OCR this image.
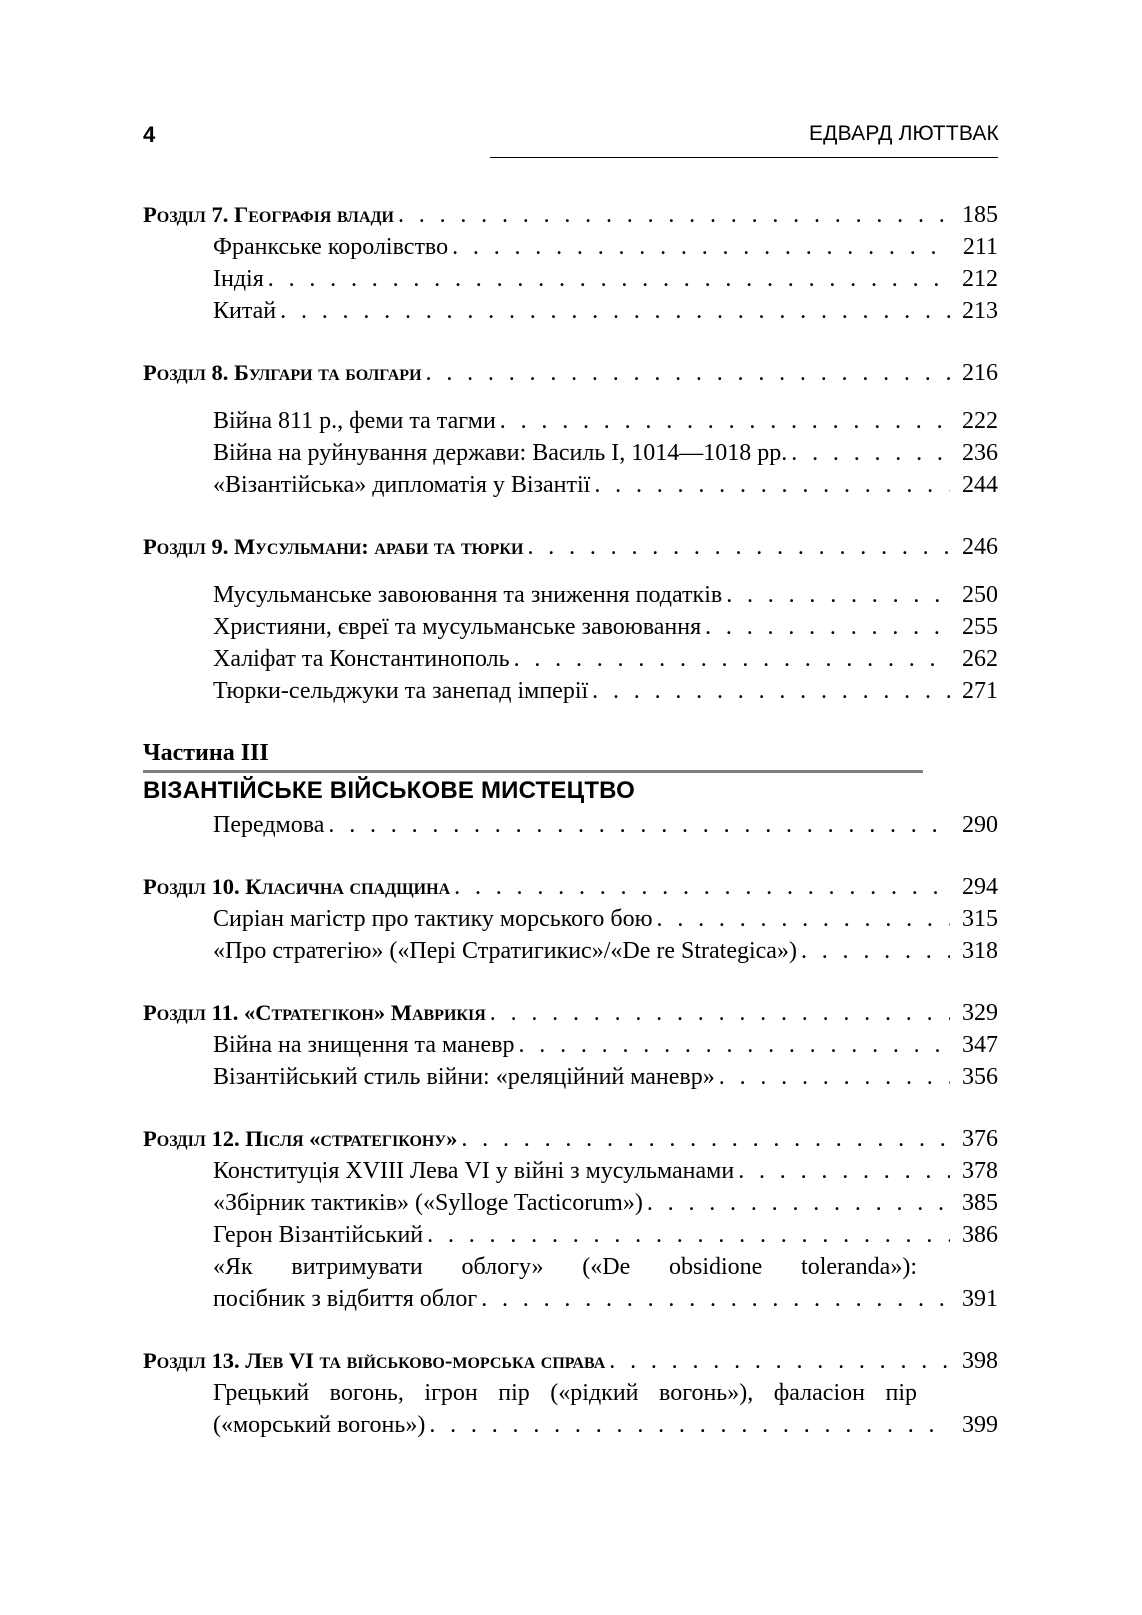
4	ЕДВАРД ЛЮТТВАК
Розділ 7. Географія влади . . .	185
Франкське королівство . . .	211
Індія . . .	212
Китай . . .	213
Розділ 8. Булгари та болгари . . .	216
Війна 811 р., феми та тагми . . .	222
Війна на руйнування держави: Василь I, 1014—1018 рр. . . .	236
«Візантійська» дипломатія у Візантії . . .	244
Розділ 9. Мусульмани: араби та тюрки . . .	246
Мусульманське завоювання та зниження податків . . .	250
Християни, євреї та мусульманське завоювання . . .	255
Халіфат та Константинополь . . .	262
Тюрки-сельджуки та занепад імперії . . .	271
Частина III
ВІЗАНТІЙСЬКЕ ВІЙСЬКОВЕ МИСТЕЦТВО
Передмова . . .	290
Розділ 10. Класична спадщина . . .	294
Сиріан магістр про тактику морського бою . . .	315
«Про стратегію» («Пері Стратигикис»/«De re Strategica») . . .	318
Розділ 11. «Стратегікон» Маврикія . . .	329
Війна на знищення та маневр . . .	347
Візантійський стиль війни: «реляційний маневр» . . .	356
Розділ 12. Після «стратегікону» . . .	376
Конституція XVIII Лева VI у війні з мусульманами . . .	378
«Збірник тактиків» («Sylloge Tacticorum») . . .	385
Герон Візантійський . . .	386
«Як витримувати облогу» («De obsidione toleranda»):
посібник з відбиття облог . . .	391
Розділ 13. Лев VI та військово-морська справа . . .	398
Грецький вогонь, ігрон пір («рідкий вогонь»), фаласіон пір
(«морський вогонь») . . .	399
